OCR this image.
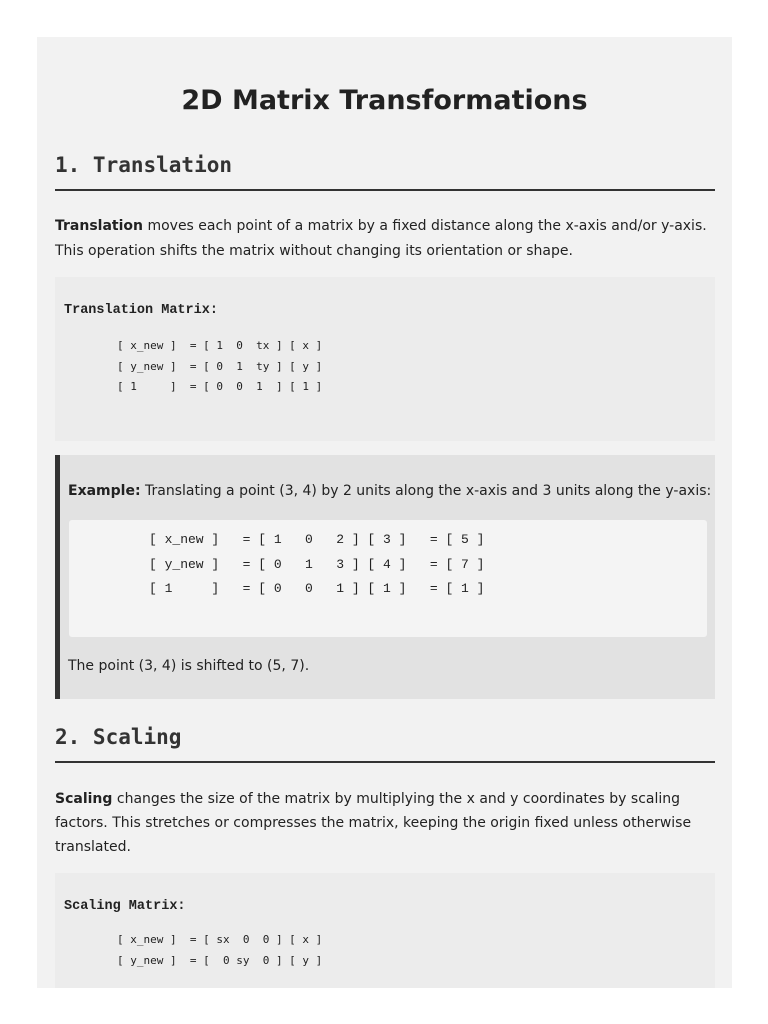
2D Matrix Transformations
1. Translation

Translation moves each point of a matrix by a fixed distance along the x-axis and/or y-axis. This operation shifts the matrix without changing its orientation or shape.

Translation Matrix:
[ x_new ]  = [ 1  0  tx ] [ x ]
[ y_new ]  = [ 0  1  ty ] [ y ]
[ 1     ]  = [ 0  0  1  ] [ 1 ]

Example: Translating a point (3, 4) by 2 units along the x-axis and 3 units along the y-axis:

[ x_new ]   = [ 1   0   2 ] [ 3 ]   = [ 5 ]
[ y_new ]   = [ 0   1   3 ] [ 4 ]   = [ 7 ]
[ 1     ]   = [ 0   0   1 ] [ 1 ]   = [ 1 ]

The point (3, 4) is shifted to (5, 7).

2. Scaling

Scaling changes the size of the matrix by multiplying the x and y coordinates by scaling factors. This stretches or compresses the matrix, keeping the origin fixed unless otherwise translated.

Scaling Matrix:
[ x_new ]  = [ sx  0  0 ] [ x ]
[ y_new ]  = [  0 sy  0 ] [ y ]
